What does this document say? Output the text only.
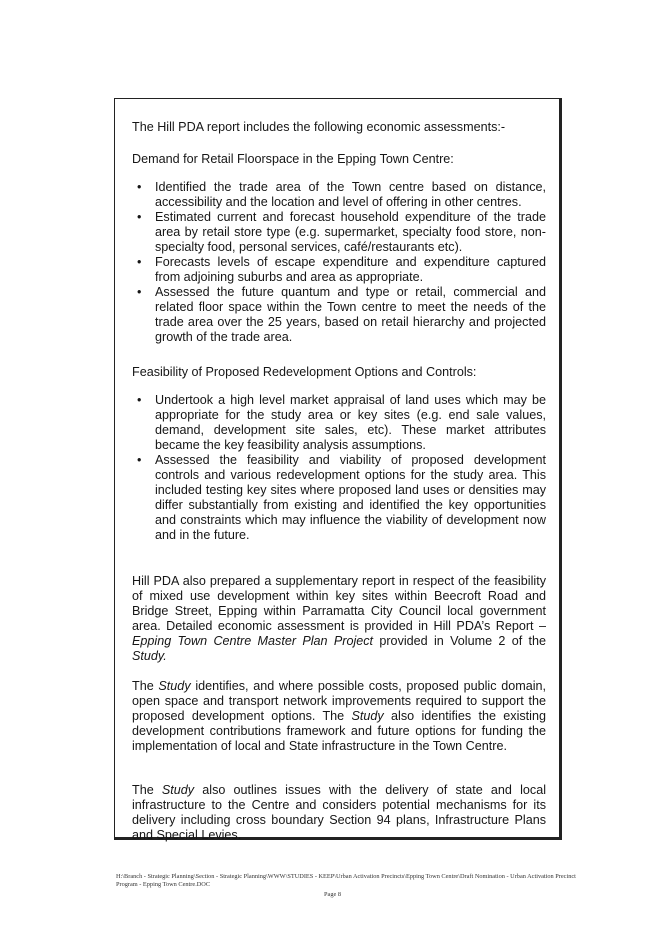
The Hill PDA report includes the following economic assessments:-
Demand for Retail Floorspace in the Epping Town Centre:
• Identified the trade area of the Town centre based on distance, accessibility and the location and level of offering in other centres.
• Estimated current and forecast household expenditure of the trade area by retail store type (e.g. supermarket, specialty food store, non-specialty food, personal services, café/restaurants etc).
• Forecasts levels of escape expenditure and expenditure captured from adjoining suburbs and area as appropriate.
• Assessed the future quantum and type or retail, commercial and related floor space within the Town centre to meet the needs of the trade area over the 25 years, based on retail hierarchy and projected growth of the trade area.
Feasibility of Proposed Redevelopment Options and Controls:
• Undertook a high level market appraisal of land uses which may be appropriate for the study area or key sites (e.g. end sale values, demand, development site sales, etc). These market attributes became the key feasibility analysis assumptions.
• Assessed the feasibility and viability of proposed development controls and various redevelopment options for the study area. This included testing key sites where proposed land uses or densities may differ substantially from existing and identified the key opportunities and constraints which may influence the viability of development now and in the future.

Hill PDA also prepared a supplementary report in respect of the feasibility of mixed use development within key sites within Beecroft Road and Bridge Street, Epping within Parramatta City Council local government area. Detailed economic assessment is provided in Hill PDA’s Report – Epping Town Centre Master Plan Project provided in Volume 2 of the Study.

The Study identifies, and where possible costs, proposed public domain, open space and transport network improvements required to support the proposed development options. The Study also identifies the existing development contributions framework and future options for funding the implementation of local and State infrastructure in the Town Centre.

The Study also outlines issues with the delivery of state and local infrastructure to the Centre and considers potential mechanisms for its delivery including cross boundary Section 94 plans, Infrastructure Plans and Special Levies.

H:\Branch - Strategic Planning\Section - Strategic Planning\WWW\STUDIES - KEEP\Urban Activation Precincts\Epping Town Centre\Draft Nomination - Urban Activation Precinct Program - Epping Town Centre.DOC
Page 8
